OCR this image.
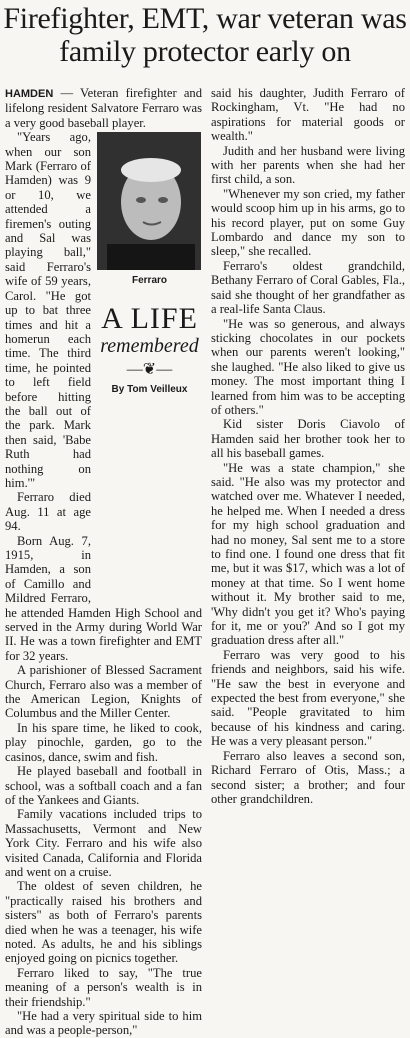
Firefighter, EMT, war veteran was family protector early on

HAMDEN — Veteran firefighter and lifelong resident Salvatore Ferraro was a very good baseball player.

Ferraro
A LIFE
remembered
—❦—
By Tom Veilleux

"Years ago, when our son Mark (Ferraro of Hamden) was 9 or 10, we attended a firemen's outing and Sal was playing ball," said Ferraro's wife of 59 years, Carol. "He got up to bat three times and hit a homerun each time. The third time, he pointed to left field before hitting the ball out of the park. Mark then said, 'Babe Ruth had nothing on him.'"

Ferraro died Aug. 11 at age 94.

Born Aug. 7, 1915, in Hamden, a son of Camillo and Mildred Ferraro, he attended Hamden High School and served in the Army during World War II. He was a town firefighter and EMT for 32 years.

A parishioner of Blessed Sacrament Church, Ferraro also was a member of the American Legion, Knights of Columbus and the Miller Center.

In his spare time, he liked to cook, play pinochle, garden, go to the casinos, dance, swim and fish.

He played baseball and football in school, was a softball coach and a fan of the Yankees and Giants.

Family vacations included trips to Massachusetts, Vermont and New York City. Ferraro and his wife also visited Canada, California and Florida and went on a cruise.

The oldest of seven children, he "practically raised his brothers and sisters" as both of Ferraro's parents died when he was a teenager, his wife noted. As adults, he and his siblings enjoyed going on picnics together.

Ferraro liked to say, "The true meaning of a person's wealth is in their friendship."

"He had a very spiritual side to him and was a people-person,"

said his daughter, Judith Ferraro of Rockingham, Vt. "He had no aspirations for material goods or wealth."

Judith and her husband were living with her parents when she had her first child, a son.

"Whenever my son cried, my father would scoop him up in his arms, go to his record player, put on some Guy Lombardo and dance my son to sleep," she recalled.

Ferraro's oldest grandchild, Bethany Ferraro of Coral Gables, Fla., said she thought of her grandfather as a real-life Santa Claus.

"He was so generous, and always sticking chocolates in our pockets when our parents weren't looking," she laughed. "He also liked to give us money. The most important thing I learned from him was to be accepting of others."

Kid sister Doris Ciavolo of Hamden said her brother took her to all his baseball games.

"He was a state champion," she said. "He also was my protector and watched over me. Whatever I needed, he helped me. When I needed a dress for my high school graduation and had no money, Sal sent me to a store to find one. I found one dress that fit me, but it was $17, which was a lot of money at that time. So I went home without it. My brother said to me, 'Why didn't you get it? Who's paying for it, me or you?' And so I got my graduation dress after all."

Ferraro was very good to his friends and neighbors, said his wife. "He saw the best in everyone and expected the best from everyone," she said. "People gravitated to him because of his kindness and caring. He was a very pleasant person."

Ferraro also leaves a second son, Richard Ferraro of Otis, Mass.; a second sister; a brother; and four other grandchildren.
